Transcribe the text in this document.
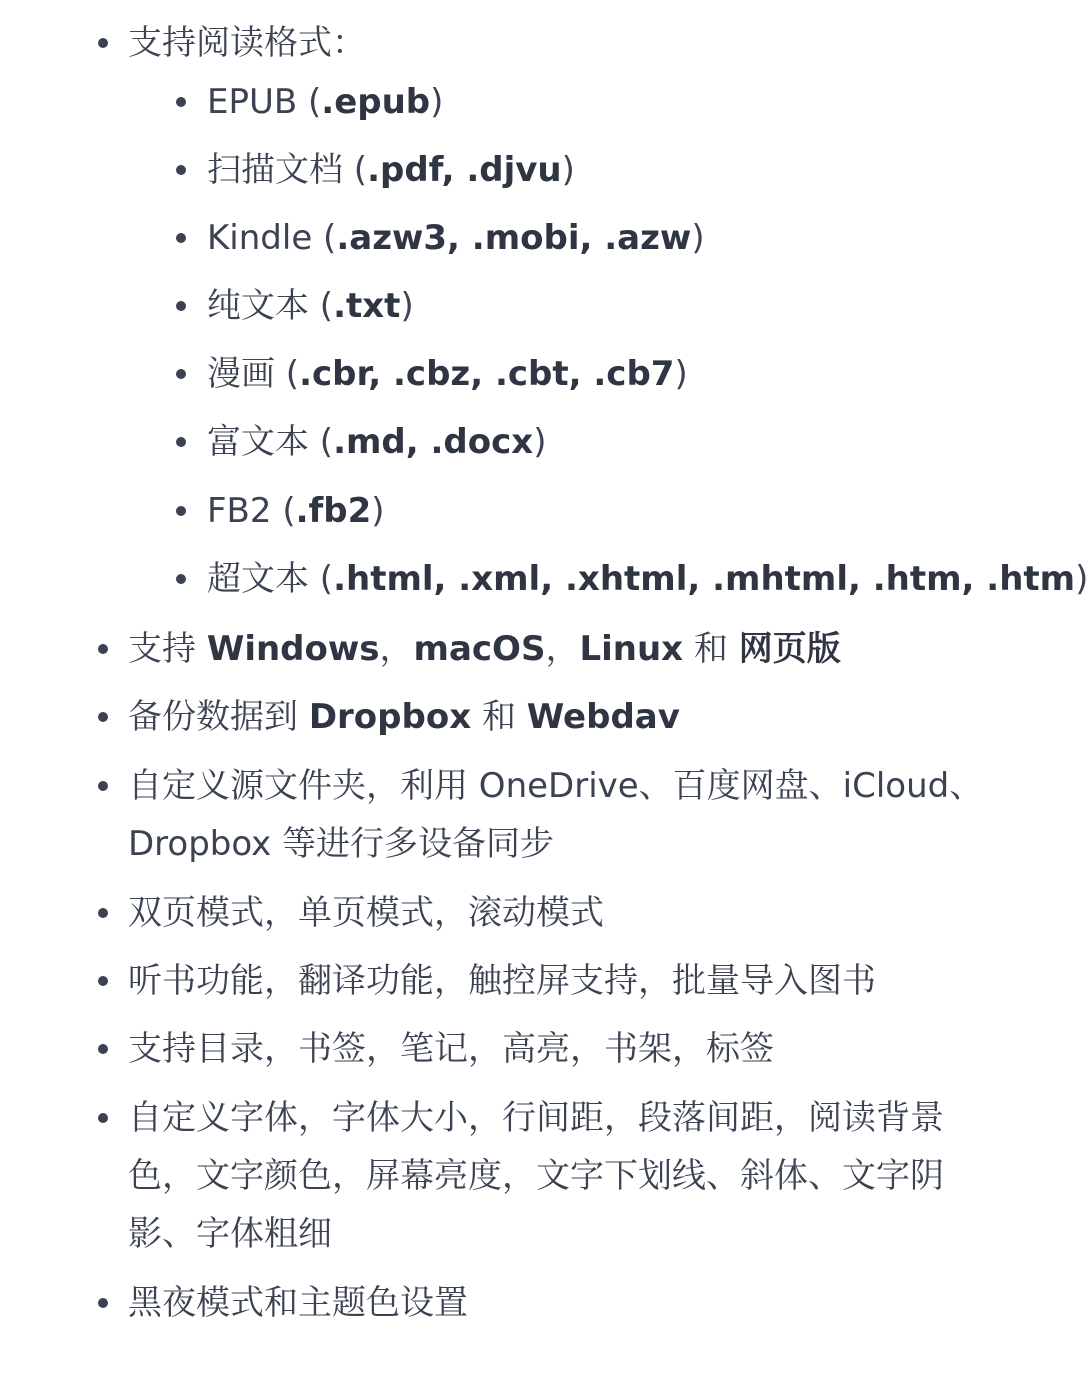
支持阅读格式：
EPUB (.epub)
扫描文档 (.pdf, .djvu)
Kindle (.azw3, .mobi, .azw)
纯文本 (.txt)
漫画 (.cbr, .cbz, .cbt, .cb7)
富文本 (.md, .docx)
FB2 (.fb2)
超文本 (.html, .xml, .xhtml, .mhtml, .htm, .htm)
支持 Windows，macOS，Linux 和 网页版
备份数据到 Dropbox 和 Webdav
自定义源文件夹，利用 OneDrive、百度网盘、iCloud、
Dropbox 等进行多设备同步
双页模式，单页模式，滚动模式
听书功能，翻译功能，触控屏支持，批量导入图书
支持目录，书签，笔记，高亮，书架，标签
自定义字体，字体大小，行间距，段落间距，阅读背景
色，文字颜色，屏幕亮度，文字下划线、斜体、文字阴
影、字体粗细
黑夜模式和主题色设置
